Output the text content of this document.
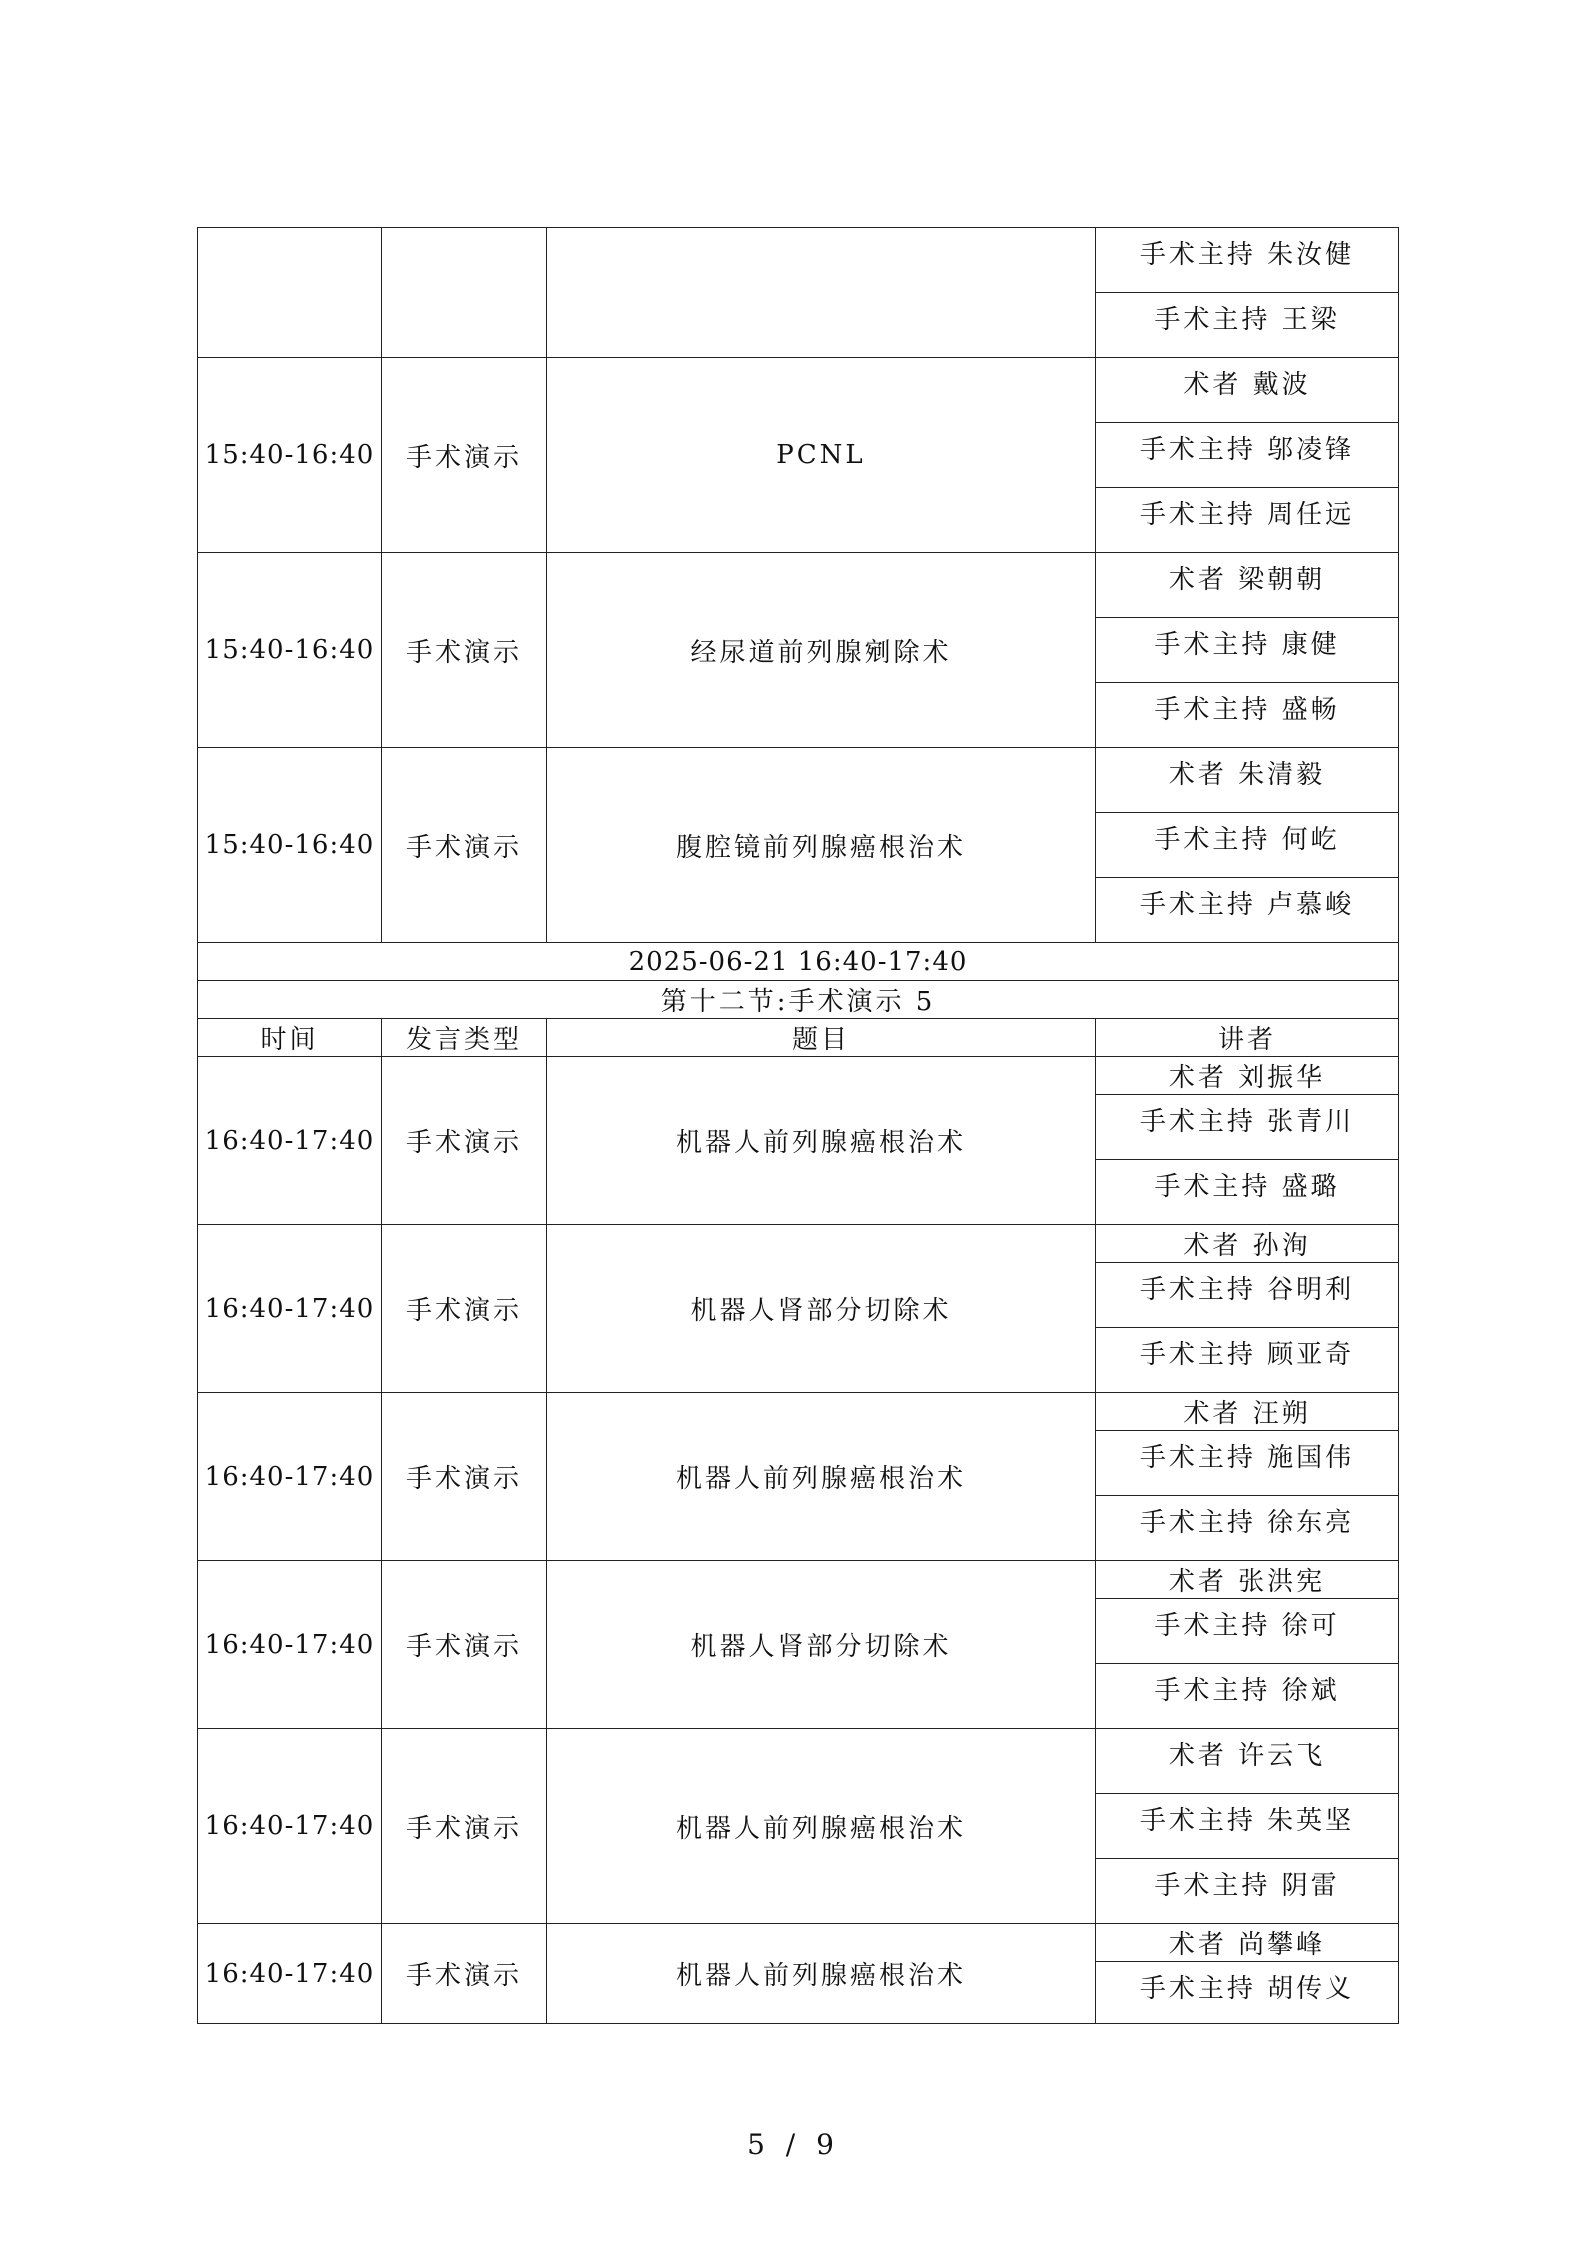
			手术主持 朱汝健
			手术主持 王梁
15:40-16:40	手术演示	PCNL	术者 戴波
			手术主持 邬凌锋
			手术主持 周任远
15:40-16:40	手术演示	经尿道前列腺剜除术	术者 梁朝朝
			手术主持 康健
			手术主持 盛畅
15:40-16:40	手术演示	腹腔镜前列腺癌根治术	术者 朱清毅
			手术主持 何屹
			手术主持 卢慕峻
2025-06-21 16:40-17:40			
第十二节:手术演示 5			
时间	发言类型	题目	讲者
16:40-17:40	手术演示	机器人前列腺癌根治术	术者 刘振华
			手术主持 张青川
			手术主持 盛璐
16:40-17:40	手术演示	机器人肾部分切除术	术者 孙洵
			手术主持 谷明利
			手术主持 顾亚奇
16:40-17:40	手术演示	机器人前列腺癌根治术	术者 汪朔
			手术主持 施国伟
			手术主持 徐东亮
16:40-17:40	手术演示	机器人肾部分切除术	术者 张洪宪
			手术主持 徐可
			手术主持 徐斌
16:40-17:40	手术演示	机器人前列腺癌根治术	术者 许云飞
			手术主持 朱英坚
			手术主持 阴雷
16:40-17:40	手术演示	机器人前列腺癌根治术	术者 尚攀峰
			手术主持 胡传义
5 / 9
